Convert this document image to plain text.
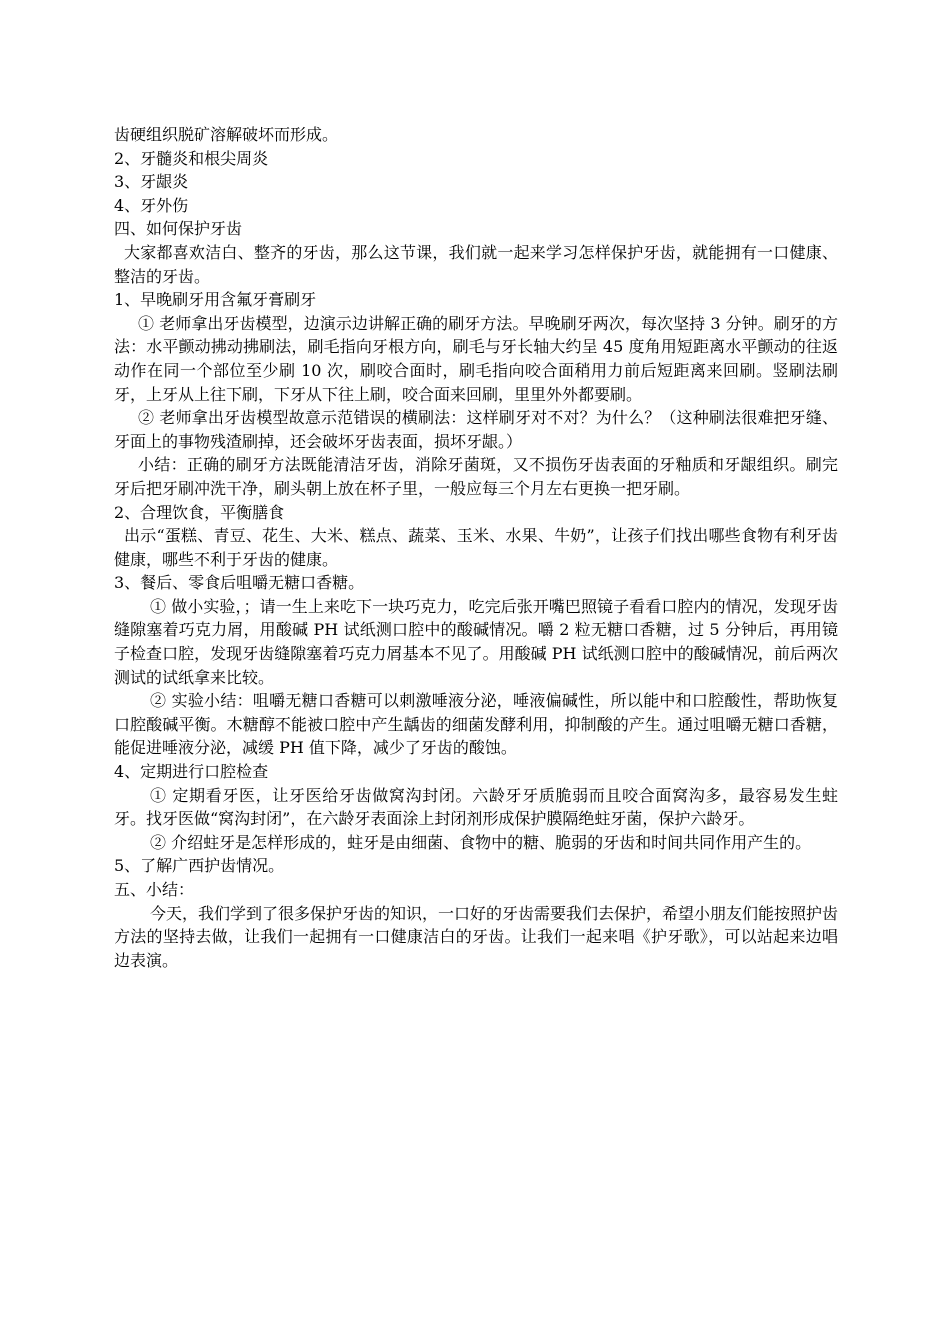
齿硬组织脱矿溶解破坏而形成。

2、牙髓炎和根尖周炎

3、牙龈炎

4、牙外伤

四、如何保护牙齿

大家都喜欢洁白、整齐的牙齿，那么这节课，我们就一起来学习怎样保护牙齿，就能拥有一口健康、整洁的牙齿。

1、早晚刷牙用含氟牙膏刷牙

① 老师拿出牙齿模型，边演示边讲解正确的刷牙方法。早晚刷牙两次，每次坚持 3 分钟。刷牙的方法：水平颤动拂动拂刷法，刷毛指向牙根方向，刷毛与牙长轴大约呈 45 度角用短距离水平颤动的往返动作在同一个部位至少刷 10 次，刷咬合面时，刷毛指向咬合面稍用力前后短距离来回刷。竖刷法刷牙，上牙从上往下刷，下牙从下往上刷，咬合面来回刷，里里外外都要刷。

② 老师拿出牙齿模型故意示范错误的横刷法：这样刷牙对不对？为什么？（这种刷法很难把牙缝、牙面上的事物残渣刷掉，还会破坏牙齿表面，损坏牙龈。）

小结：正确的刷牙方法既能清洁牙齿，消除牙菌斑，又不损伤牙齿表面的牙釉质和牙龈组织。刷完牙后把牙刷冲洗干净，刷头朝上放在杯子里，一般应每三个月左右更换一把牙刷。

2、合理饮食，平衡膳食

出示“蛋糕、青豆、花生、大米、糕点、蔬菜、玉米、水果、牛奶”，让孩子们找出哪些食物有利牙齿健康，哪些不利于牙齿的健康。

3、餐后、零食后咀嚼无糖口香糖。

① 做小实验，；请一生上来吃下一块巧克力，吃完后张开嘴巴照镜子看看口腔内的情况，发现牙齿缝隙塞着巧克力屑，用酸碱 PH 试纸测口腔中的酸碱情况。嚼 2 粒无糖口香糖，过 5 分钟后，再用镜子检查口腔，发现牙齿缝隙塞着巧克力屑基本不见了。用酸碱 PH 试纸测口腔中的酸碱情况，前后两次测试的试纸拿来比较。

② 实验小结：咀嚼无糖口香糖可以刺激唾液分泌，唾液偏碱性，所以能中和口腔酸性，帮助恢复口腔酸碱平衡。木糖醇不能被口腔中产生龋齿的细菌发酵利用，抑制酸的产生。通过咀嚼无糖口香糖，能促进唾液分泌，减缓 PH 值下降，减少了牙齿的酸蚀。

4、定期进行口腔检查

① 定期看牙医，让牙医给牙齿做窝沟封闭。六龄牙牙质脆弱而且咬合面窝沟多，最容易发生蛀牙。找牙医做“窝沟封闭”，在六龄牙表面涂上封闭剂形成保护膜隔绝蛀牙菌，保护六龄牙。

② 介绍蛀牙是怎样形成的，蛀牙是由细菌、食物中的糖、脆弱的牙齿和时间共同作用产生的。

5、了解广西护齿情况。

五、小结：

今天，我们学到了很多保护牙齿的知识，一口好的牙齿需要我们去保护，希望小朋友们能按照护齿方法的坚持去做，让我们一起拥有一口健康洁白的牙齿。让我们一起来唱《护牙歌》，可以站起来边唱边表演。
